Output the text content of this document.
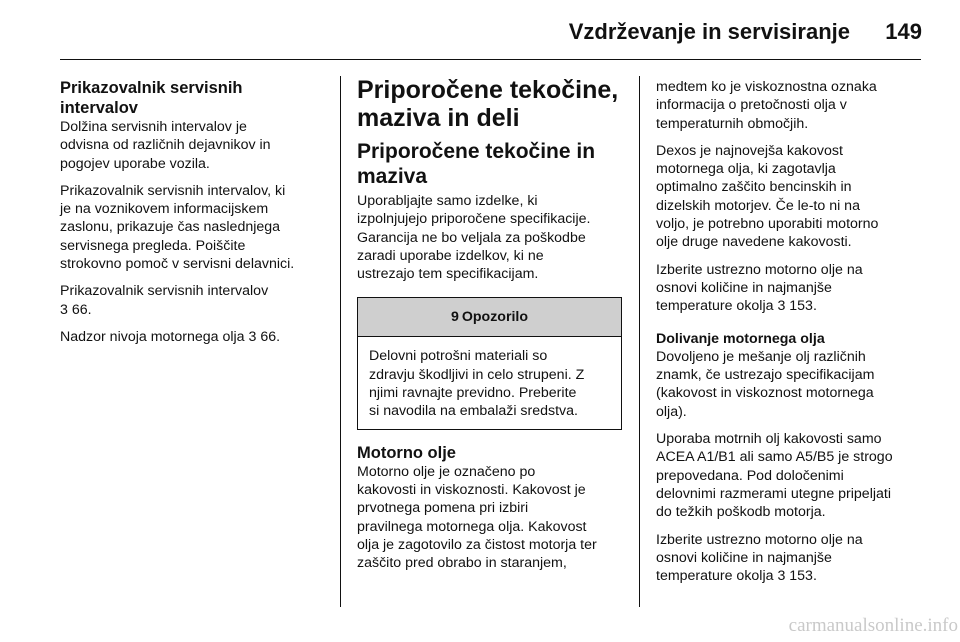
Vzdrževanje in servisiranje	149
Prikazovalnik servisnih
intervalov

Dolžina servisnih intervalov je
odvisna od različnih dejavnikov in
pogojev uporabe vozila.

Prikazovalnik servisnih intervalov, ki
je na voznikovem informacijskem
zaslonu, prikazuje čas naslednjega
servisnega pregleda. Poiščite
strokovno pomoč v servisni delavnici.

Prikazovalnik servisnih intervalov
3 66.

Nadzor nivoja motornega olja 3 66.

Priporočene tekočine,
maziva in deli
Priporočene tekočine in
maziva

Uporabljajte samo izdelke, ki
izpolnjujejo priporočene specifikacije.
Garancija ne bo veljala za poškodbe
zaradi uporabe izdelkov, ki ne
ustrezajo tem specifikacijam.

9 Opozorilo
Delovni potrošni materiali so
zdravju škodljivi in celo strupeni. Z
njimi ravnajte previdno. Preberite
si navodila na embalaži sredstva.
Motorno olje

Motorno olje je označeno po
kakovosti in viskoznosti. Kakovost je
prvotnega pomena pri izbiri
pravilnega motornega olja. Kakovost
olja je zagotovilo za čistost motorja ter
zaščito pred obrabo in staranjem,

medtem ko je viskoznostna oznaka
informacija o pretočnosti olja v
temperaturnih območjih.

Dexos je najnovejša kakovost
motornega olja, ki zagotavlja
optimalno zaščito bencinskih in
dizelskih motorjev. Če le-to ni na
voljo, je potrebno uporabiti motorno
olje druge navedene kakovosti.

Izberite ustrezno motorno olje na
osnovi količine in najmanjše
temperature okolja 3 153.

Dolivanje motornega olja

Dovoljeno je mešanje olj različnih
znamk, če ustrezajo specifikacijam
(kakovost in viskoznost motornega
olja).

Uporaba motrnih olj kakovosti samo
ACEA A1/B1 ali samo A5/B5 je strogo
prepovedana. Pod določenimi
delovnimi razmerami utegne pripeljati
do težkih poškodb motorja.

Izberite ustrezno motorno olje na
osnovi količine in najmanjše
temperature okolja 3 153.

carmanualsonline.info
